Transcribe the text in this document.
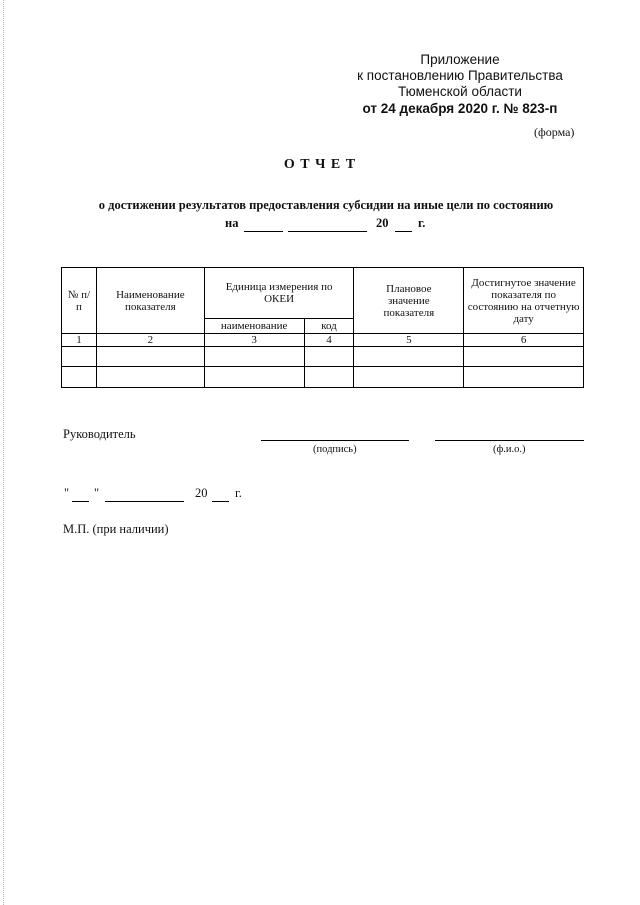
Приложение
к постановлению Правительства
Тюменской области
от 24 декабря 2020 г. № 823-п
(форма)
О Т Ч Е Т
о достижении результатов предоставления субсидии на иные цели по состоянию
на	20 г.
№ п/п	Наименование показателя	Единица измерения по ОКЕИ		Плановое значение показателя	Достигнутое значение показателя по состоянию на отчетную дату
		наименование	код		
1	2	3	4	5	6

Руководитель
(подпись)	(ф.и.о.)
" "	20 г.
М.П. (при наличии)
